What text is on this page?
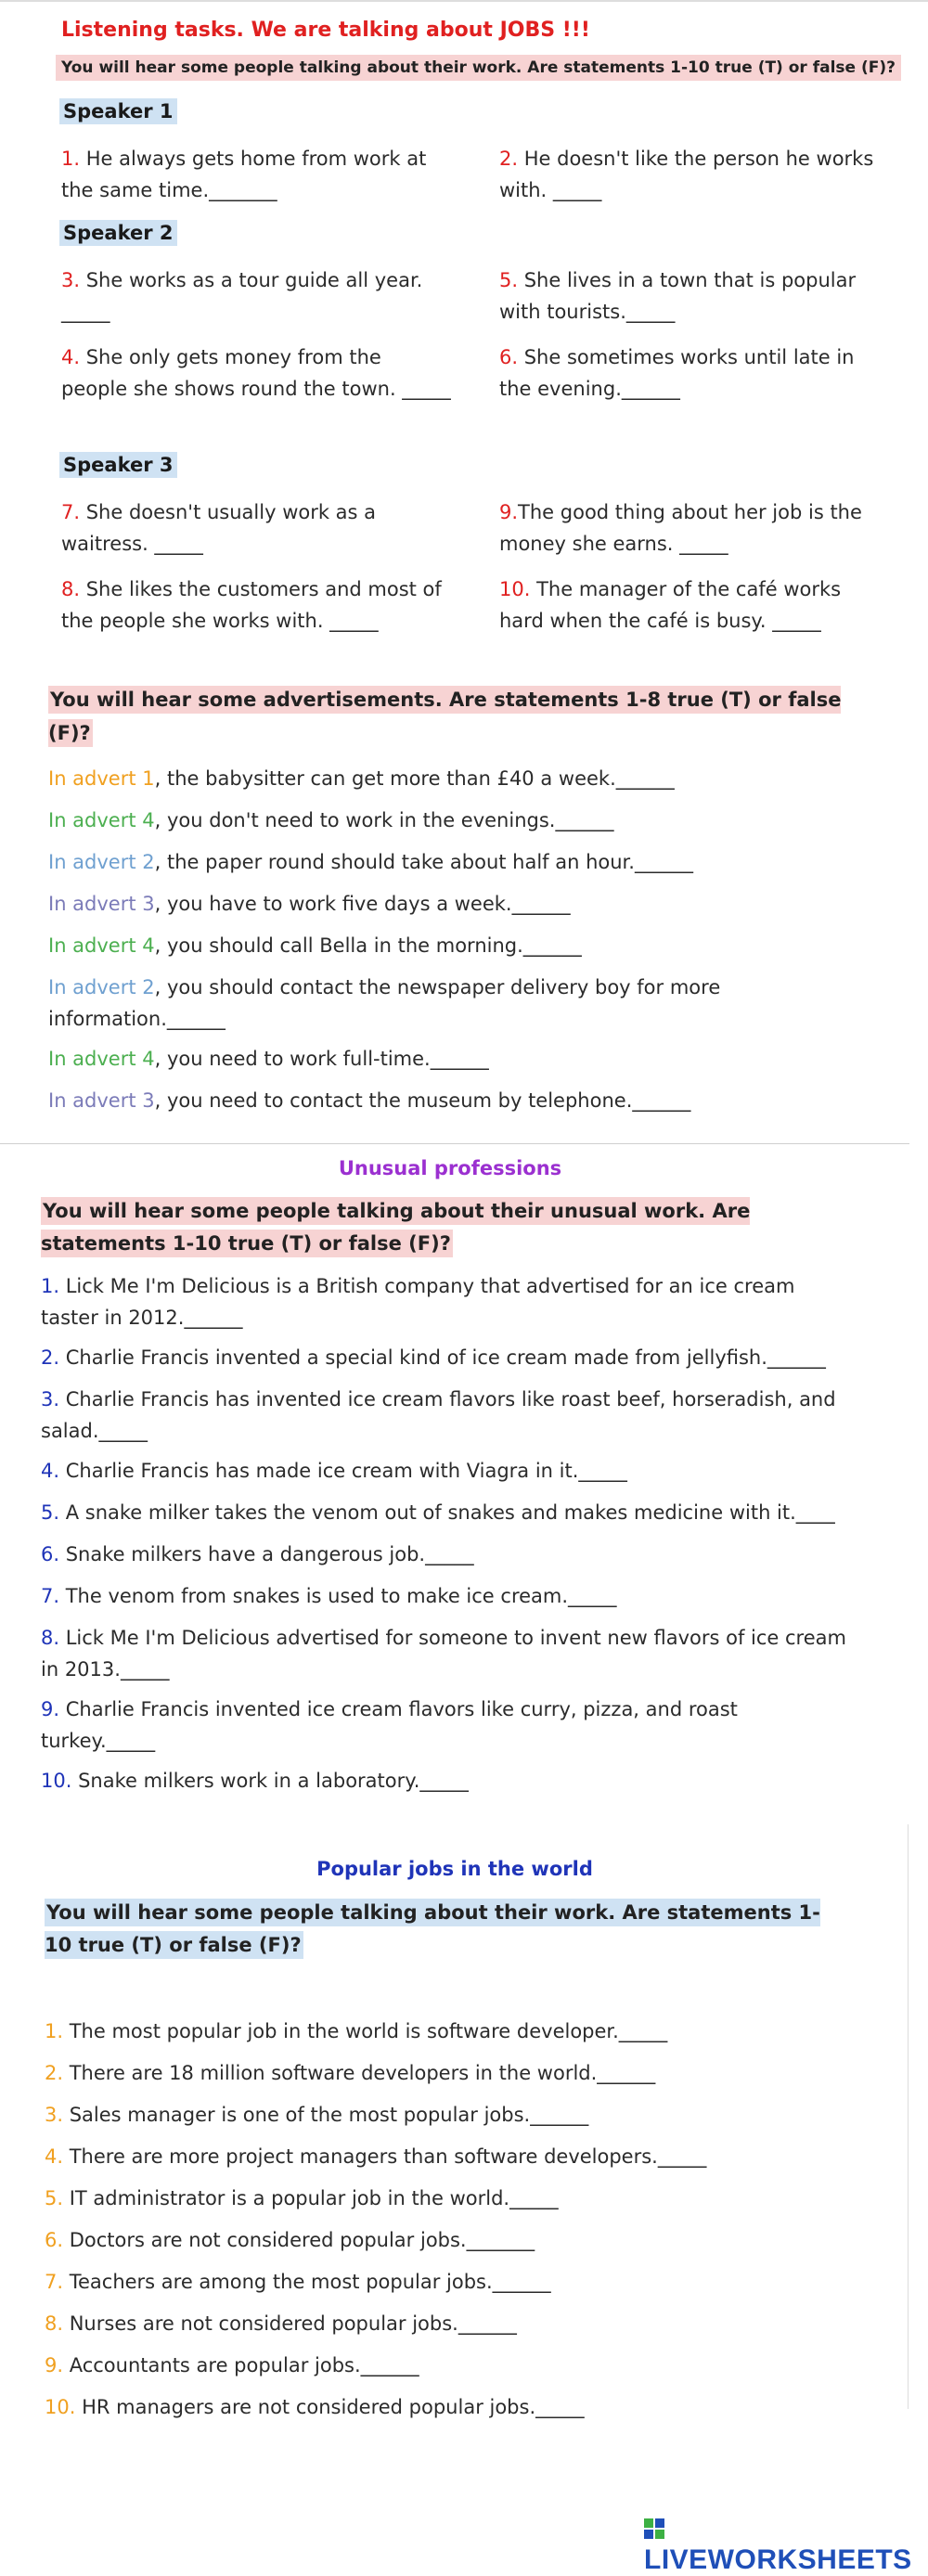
Listening tasks. We are talking about JOBS !!!
You will hear some people talking about their work. Are statements 1-10 true (T) or false (F)?
Speaker 1
1. He always gets home from work at the same time._______
2. He doesn't like the person he works with. _____
Speaker 2
3. She works as a tour guide all year. _____
5. She lives in a town that is popular with tourists._____
4. She only gets money from the people she shows round the town. _____
6. She sometimes works until late in the evening.______
Speaker 3
7. She doesn't usually work as a waitress. _____
9.The good thing about her job is the money she earns. _____
8. She likes the customers and most of the people she works with. _____
10. The manager of the café works hard when the café is busy. _____
You will hear some advertisements. Are statements 1-8 true (T) or false (F)?
In advert 1, the babysitter can get more than £40 a week.______
In advert 4, you don't need to work in the evenings.______
In advert 2, the paper round should take about half an hour.______
In advert 3, you have to work five days a week.______
In advert 4, you should call Bella in the morning.______
In advert 2, you should contact the newspaper delivery boy for more information.______
In advert 4, you need to work full-time.______
In advert 3, you need to contact the museum by telephone.______
Unusual professions
You will hear some people talking about their unusual work. Are statements 1-10 true (T) or false (F)?
1. Lick Me I'm Delicious is a British company that advertised for an ice cream taster in 2012.______
2. Charlie Francis invented a special kind of ice cream made from jellyfish.______
3. Charlie Francis has invented ice cream flavors like roast beef, horseradish, and salad._____
4. Charlie Francis has made ice cream with Viagra in it._____
5. A snake milker takes the venom out of snakes and makes medicine with it.____
6. Snake milkers have a dangerous job._____
7. The venom from snakes is used to make ice cream._____
8. Lick Me I'm Delicious advertised for someone to invent new flavors of ice cream in 2013._____
9. Charlie Francis invented ice cream flavors like curry, pizza, and roast turkey._____
10. Snake milkers work in a laboratory._____
Popular jobs in the world
You will hear some people talking about their work. Are statements 1-10 true (T) or false (F)?
1. The most popular job in the world is software developer._____
2. There are 18 million software developers in the world.______
3. Sales manager is one of the most popular jobs.______
4. There are more project managers than software developers._____
5. IT administrator is a popular job in the world._____
6. Doctors are not considered popular jobs._______
7. Teachers are among the most popular jobs.______
8. Nurses are not considered popular jobs.______
9. Accountants are popular jobs.______
10. HR managers are not considered popular jobs._____
LIVEWORKSHEETS
